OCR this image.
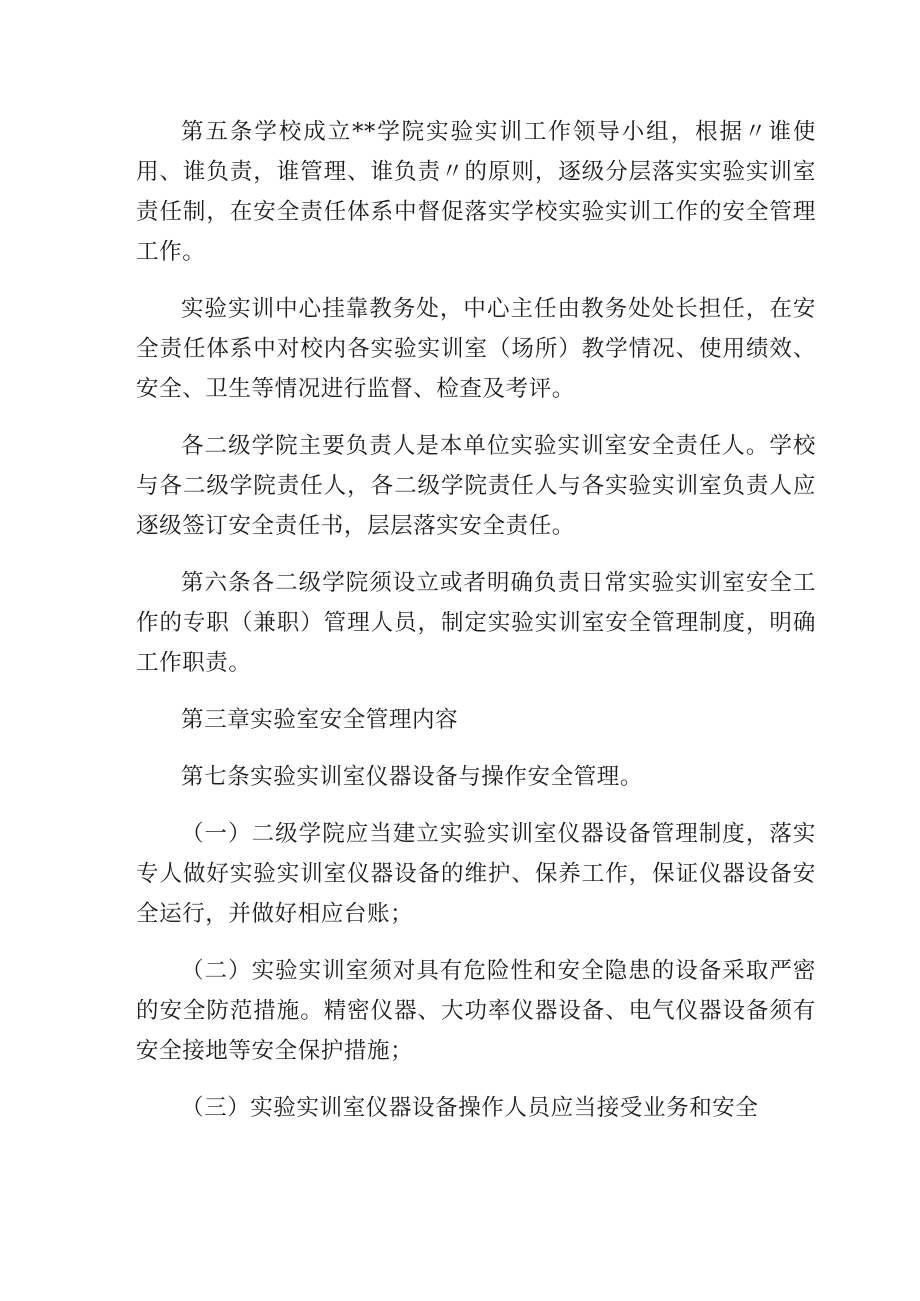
第五条学校成立**学院实验实训工作领导小组，根据〃谁使用、谁负责，谁管理、谁负责〃的原则，逐级分层落实实验实训室责任制，在安全责任体系中督促落实学校实验实训工作的安全管理工作。

实验实训中心挂靠教务处，中心主任由教务处处长担任，在安全责任体系中对校内各实验实训室（场所）教学情况、使用绩效、安全、卫生等情况进行监督、检查及考评。

各二级学院主要负责人是本单位实验实训室安全责任人。学校与各二级学院责任人，各二级学院责任人与各实验实训室负责人应逐级签订安全责任书，层层落实安全责任。

第六条各二级学院须设立或者明确负责日常实验实训室安全工作的专职（兼职）管理人员，制定实验实训室安全管理制度，明确工作职责。

第三章实验室安全管理内容

第七条实验实训室仪器设备与操作安全管理。

（一）二级学院应当建立实验实训室仪器设备管理制度，落实专人做好实验实训室仪器设备的维护、保养工作，保证仪器设备安全运行，并做好相应台账；

（二）实验实训室须对具有危险性和安全隐患的设备采取严密的安全防范措施。精密仪器、大功率仪器设备、电气仪器设备须有安全接地等安全保护措施；

（三）实验实训室仪器设备操作人员应当接受业务和安全
